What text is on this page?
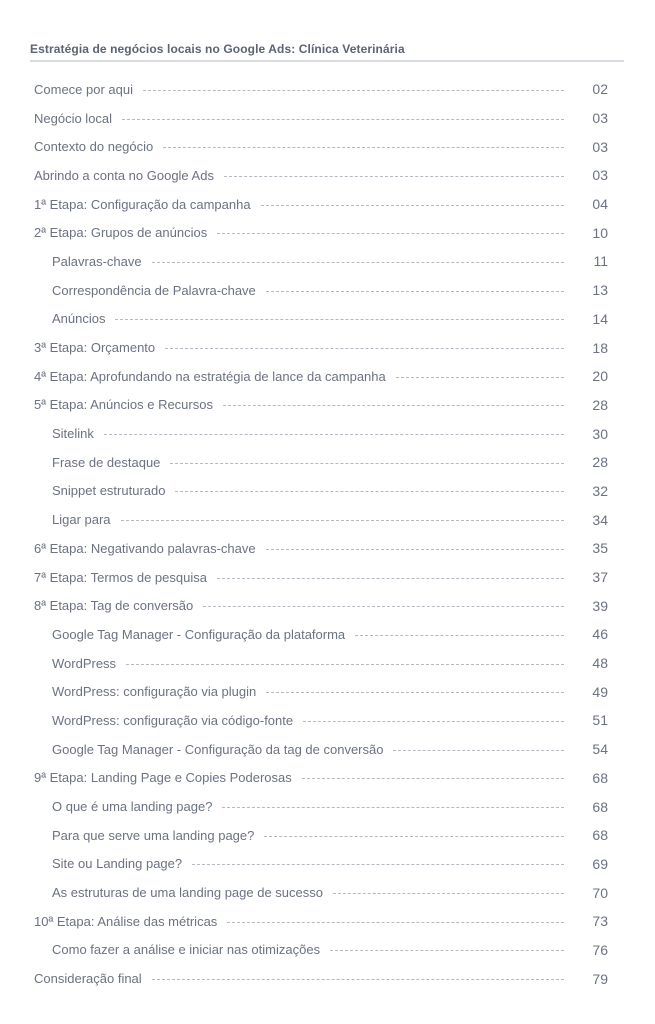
Estratégia de negócios locais no Google Ads: Clínica Veterinária
Comece por aqui	02
Negócio local	03
Contexto do negócio	03
Abrindo a conta no Google Ads	03
1ª Etapa: Configuração da campanha	04
2ª Etapa: Grupos de anúncios	10
Palavras-chave	11
Correspondência de Palavra-chave	13
Anúncios	14
3ª Etapa: Orçamento	18
4ª Etapa: Aprofundando na estratégia de lance da campanha	20
5ª Etapa: Anúncios e Recursos	28
Sitelink	30
Frase de destaque	28
Snippet estruturado	32
Ligar para	34
6ª Etapa: Negativando palavras-chave	35
7ª Etapa: Termos de pesquisa	37
8ª Etapa: Tag de conversão	39
Google Tag Manager - Configuração da plataforma	46
WordPress	48
WordPress: configuração via plugin	49
WordPress: configuração via código-fonte	51
Google Tag Manager - Configuração da tag de conversão	54
9ª Etapa: Landing Page e Copies Poderosas	68
O que é uma landing page?	68
Para que serve uma landing page?	68
Site ou Landing page?	69
As estruturas de uma landing page de sucesso	70
10ª Etapa: Análise das métricas	73
Como fazer a análise e iniciar nas otimizações	76
Consideração final	79
